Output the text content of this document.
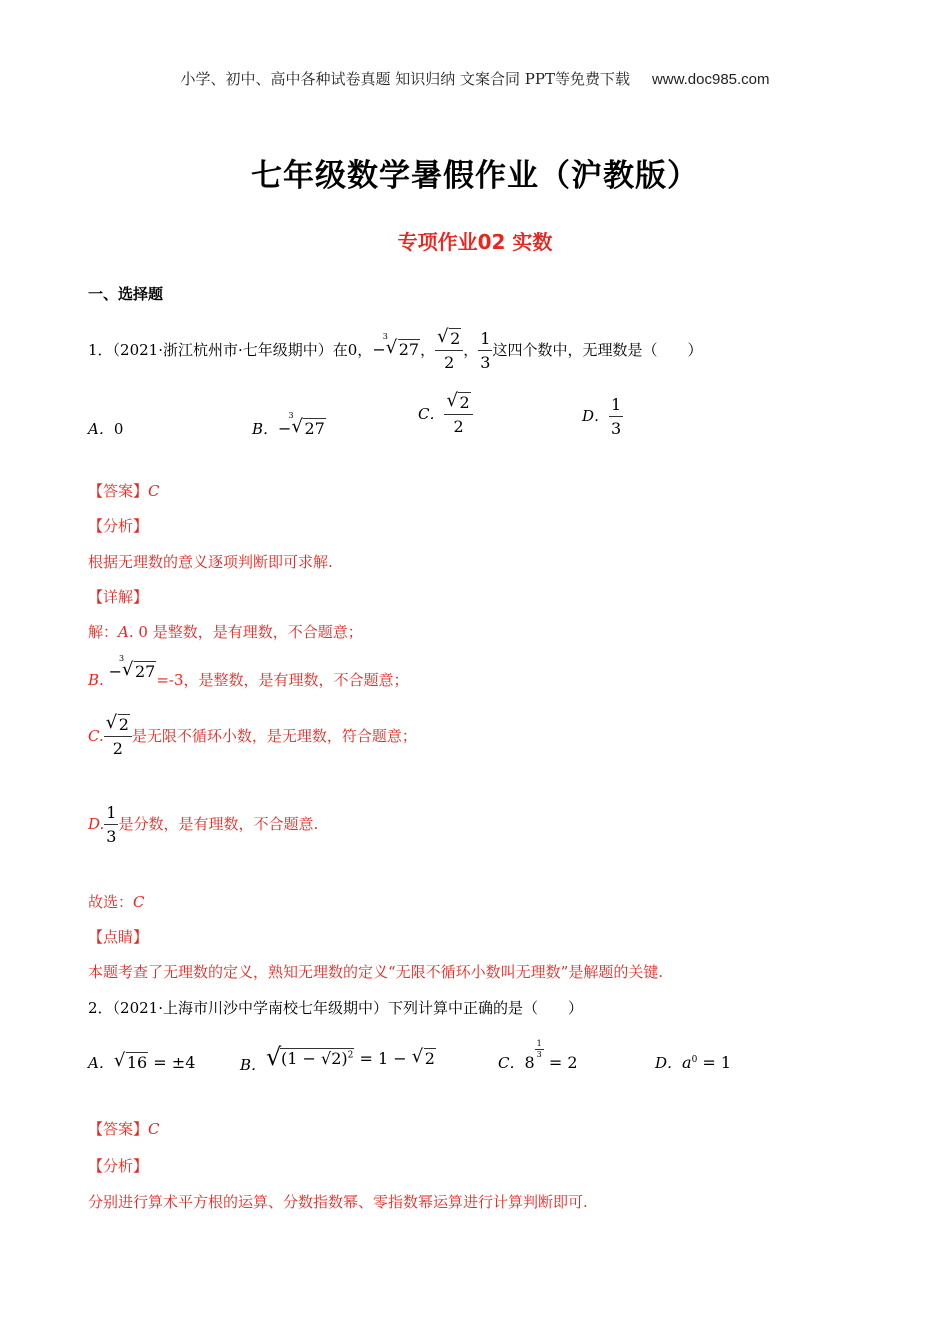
小学、初中、高中各种试卷真题 知识归纳 文案合同 PPT等免费下载 www.doc985.com
七年级数学暑假作业（沪教版）
专项作业02 实数
一、选择题
1．（2021·浙江杭州市·七年级期中）在0，−
3
√ 27， $\frac{√ 2}{2}$ ， $\frac{1}{3}$ 这四个数中，无理数是（　　）
A．0	B．−
3
√ 27
C． $\frac{√ 2}{2}$	D． $\frac{1}{3}$
【答案】C
【分析】
根据无理数的意义逐项判断即可求解.
【详解】
解：A. 0 是整数，是有理数，不合题意；
B. −
3
√ 27=-3，是整数，是有理数，不合题意；
C. $\frac{√ 2}{2}$ 是无限不循环小数，是无理数，符合题意；
D. $\frac{1}{3}$ 是分数，是有理数，不合题意.
故选：C
【点睛】
本题考查了无理数的定义，熟知无理数的定义“无限不循环小数叫无理数”是解题的关键.
2．（2021·上海市川沙中学南校七年级期中）下列计算中正确的是（　　）
A． √ 16 = ±4	B． √ $(1 - √2)^2 = 1$ − √ 2	C．8
$\frac{1}{3}$
= 2	D．$a^0 = 1$
【答案】C
【分析】
分别进行算术平方根的运算、分数指数幂、零指数幂运算进行计算判断即可.
